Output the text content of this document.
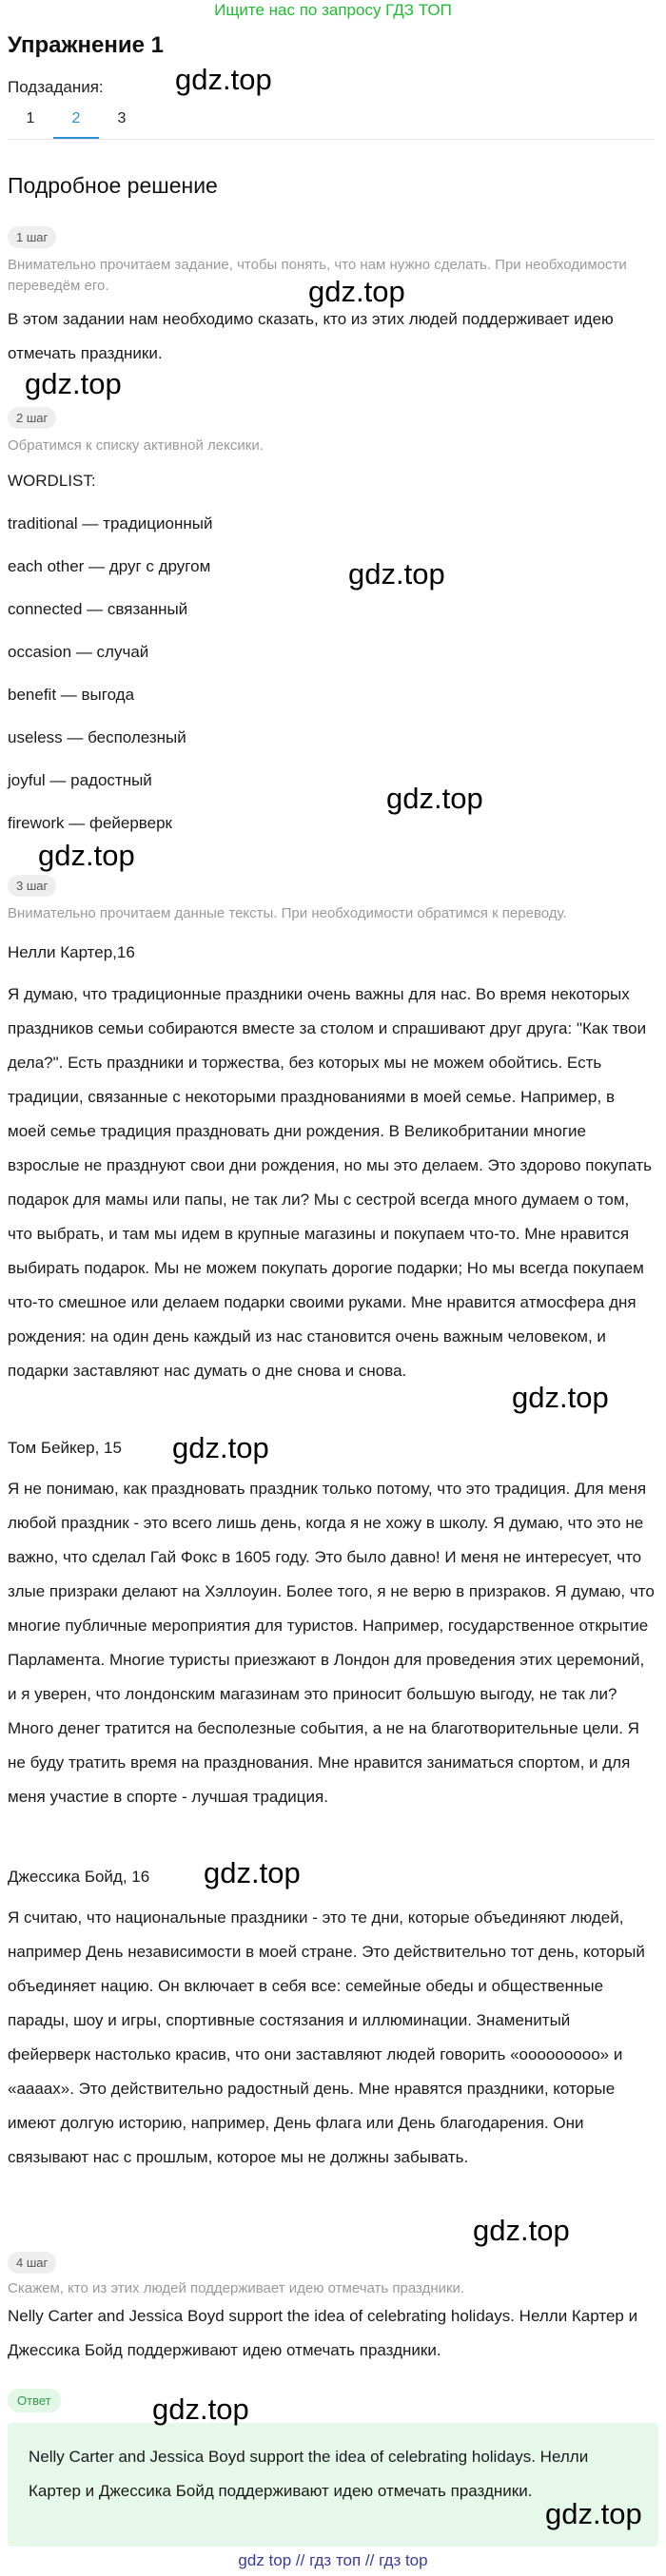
Ищите нас по запросу ГДЗ ТОП
Упражнение 1
gdz.top
Подзадания:
1	2	3
Подробное решение
1 шаг
Внимательно прочитаем задание, чтобы понять, что нам нужно сделать. При необходимости переведём его.	gdz.top
В этом задании нам необходимо сказать, кто из этих людей поддерживает идею отмечать праздники.
gdz.top
2 шаг
Обратимся к списку активной лексики.
WORDLIST:
traditional — традиционный
each other — друг с другом	gdz.top
connected — связанный
occasion — случай
benefit — выгода
useless — бесполезный
joyful — радостный
gdz.top
firework — фейерверк
gdz.top
3 шаг
Внимательно прочитаем данные тексты. При необходимости обратимся к переводу.
Нелли Картер,16
Я думаю, что традиционные праздники очень важны для нас. Во время некоторых праздников семьи собираются вместе за столом и спрашивают друг друга: "Как твои дела?". Есть праздники и торжества, без которых мы не можем обойтись. Есть традиции, связанные с некоторыми празднованиями в моей семье. Например, в моей семье традиция праздновать дни рождения. В Великобритании многие взрослые не празднуют свои дни рождения, но мы это делаем. Это здорово покупать подарок для мамы или папы, не так ли? Мы с сестрой всегда много думаем о том, что выбрать, и там мы идем в крупные магазины и покупаем что-то. Мне нравится выбирать подарок. Мы не можем покупать дорогие подарки; Но мы всегда покупаем что-то смешное или делаем подарки своими руками. Мне нравится атмосфера дня рождения: на один день каждый из нас становится очень важным человеком, и подарки заставляют нас думать о дне снова и снова.
gdz.top
Том Бейкер, 15 gdz.top
Я не понимаю, как праздновать праздник только потому, что это традиция. Для меня любой праздник - это всего лишь день, когда я не хожу в школу. Я думаю, что это не важно, что сделал Гай Фокс в 1605 году. Это было давно! И меня не интересует, что злые призраки делают на Хэллоуин. Более того, я не верю в призраков. Я думаю, что многие публичные мероприятия для туристов. Например, государственное открытие Парламента. Многие туристы приезжают в Лондон для проведения этих церемоний, и я уверен, что лондонским магазинам это приносит большую выгоду, не так ли? Много денег тратится на бесполезные события, а не на благотворительные цели. Я не буду тратить время на празднования. Мне нравится заниматься спортом, и для меня участие в спорте - лучшая традиция.
Джессика Бойд, 16 gdz.top
Я считаю, что национальные праздники - это те дни, которые объединяют людей, например День независимости в моей стране. Это действительно тот день, который объединяет нацию. Он включает в себя все: семейные обеды и общественные парады, шоу и игры, спортивные состязания и иллюминации. Знаменитый фейерверк настолько красив, что они заставляют людей говорить «ооооооооо» и «аааах». Это действительно радостный день. Мне нравятся праздники, которые имеют долгую историю, например, День флага или День благодарения. Они связывают нас с прошлым, которое мы не должны забывать.
gdz.top
4 шаг
Скажем, кто из этих людей поддерживает идею отмечать праздники.
Nelly Carter and Jessica Boyd support the idea of celebrating holidays. Нелли Картер и Джессика Бойд поддерживают идею отмечать праздники.
Ответ	gdz.top
Nelly Carter and Jessica Boyd support the idea of celebrating holidays. Нелли Картер и Джессика Бойд поддерживают идею отмечать праздники.
gdz.top
gdz top // гдз топ // гдз top
